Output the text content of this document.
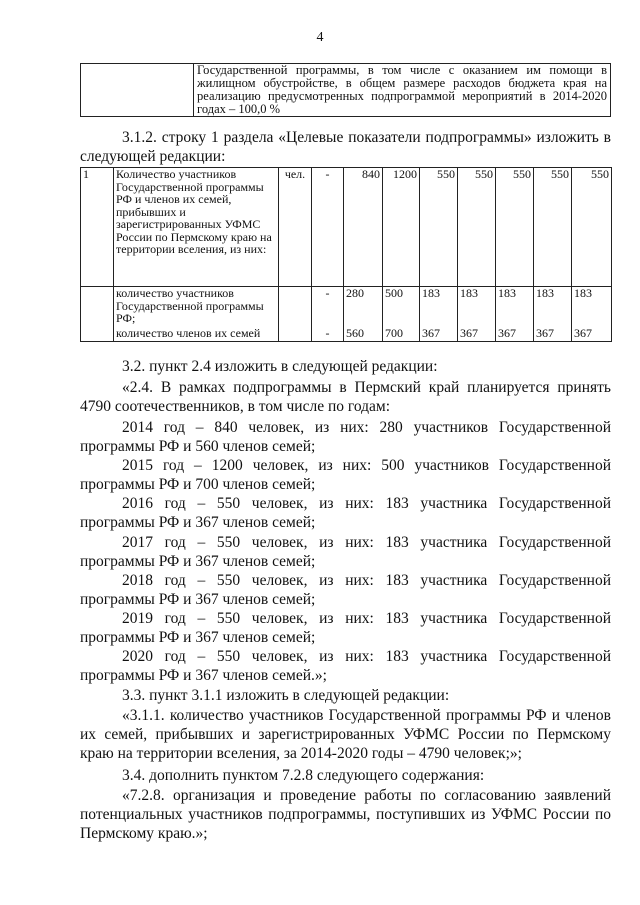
4
	Государственной программы, в том числе с оказанием им помощи в жилищном обустройстве, в общем размере расходов бюджета края на реализацию предусмотренных подпрограммой мероприятий в 2014-2020 годах – 100,0 %
3.1.2. строку 1 раздела «Целевые показатели подпрограммы» изложить в следующей редакции:
1	Количество участников Государственной программы РФ и членов их семей, прибывших и зарегистрированных УФМС России по Пермскому краю на территории вселения, из них:	чел.	-	840	1200	550	550	550	550	550
	количество участников Государственной программы РФ;		-	280	500	183	183	183	183	183
	количество членов их семей		-	560	700	367	367	367	367	367
3.2. пункт 2.4 изложить в следующей редакции:
«2.4. В рамках подпрограммы в Пермский край планируется принять 4790 соотечественников, в том числе по годам:
2014 год – 840 человек, из них: 280 участников Государственной программы РФ и 560 членов семей;
2015 год – 1200 человек, из них: 500 участников Государственной программы РФ и 700 членов семей;
2016 год – 550 человек, из них: 183 участника Государственной программы РФ и 367 членов семей;
2017 год – 550 человек, из них: 183 участника Государственной программы РФ и 367 членов семей;
2018 год – 550 человек, из них: 183 участника Государственной программы РФ и 367 членов семей;
2019 год – 550 человек, из них: 183 участника Государственной программы РФ и 367 членов семей;
2020 год – 550 человек, из них: 183 участника Государственной программы РФ и 367 членов семей.»;
3.3. пункт 3.1.1 изложить в следующей редакции:
«3.1.1. количество участников Государственной программы РФ и членов их семей, прибывших и зарегистрированных УФМС России по Пермскому краю на территории вселения, за 2014-2020 годы – 4790 человек;»;
3.4. дополнить пунктом 7.2.8 следующего содержания:
«7.2.8. организация и проведение работы по согласованию заявлений потенциальных участников подпрограммы, поступивших из УФМС России по Пермскому краю.»;
